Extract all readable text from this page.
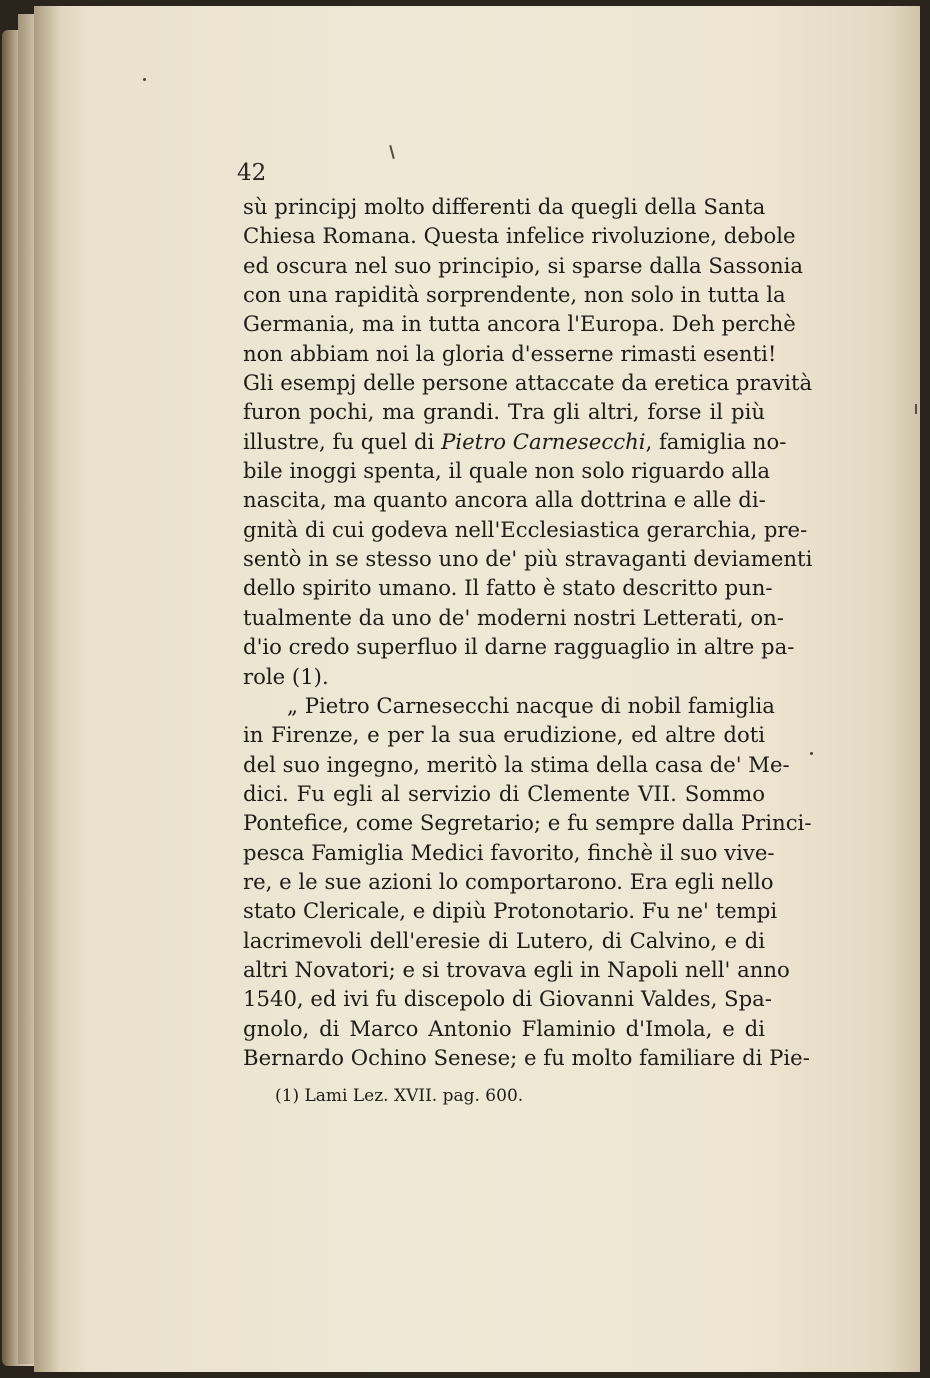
42
sù principj molto differenti da quegli della Santa
Chiesa Romana. Questa infelice rivoluzione, debole
ed oscura nel suo principio, si sparse dalla Sassonia
con una rapidità sorprendente, non solo in tutta la
Germania, ma in tutta ancora l'Europa. Deh perchè
non abbiam noi la gloria d'esserne rimasti esenti!
Gli esempj delle persone attaccate da eretica pravità
furon pochi, ma grandi. Tra gli altri, forse il più
illustre, fu quel di Pietro Carnesecchi, famiglia no-
bile inoggi spenta, il quale non solo riguardo alla
nascita, ma quanto ancora alla dottrina e alle di-
gnità di cui godeva nell'Ecclesiastica gerarchia, pre-
sentò in se stesso uno de' più stravaganti deviamenti
dello spirito umano. Il fatto è stato descritto pun-
tualmente da uno de' moderni nostri Letterati, on-
d'io credo superfluo il darne ragguaglio in altre pa-
role (1).
„ Pietro Carnesecchi nacque di nobil famiglia
in Firenze, e per la sua erudizione, ed altre doti
del suo ingegno, meritò la stima della casa de' Me-
dici. Fu egli al servizio di Clemente VII. Sommo
Pontefice, come Segretario; e fu sempre dalla Princi-
pesca Famiglia Medici favorito, finchè il suo vive-
re, e le sue azioni lo comportarono. Era egli nello
stato Clericale, e dipiù Protonotario. Fu ne' tempi
lacrimevoli dell'eresie di Lutero, di Calvino, e di
altri Novatori; e si trovava egli in Napoli nell' anno
1540, ed ivi fu discepolo di Giovanni Valdes, Spa-
gnolo, di Marco Antonio Flaminio d'Imola, e di
Bernardo Ochino Senese; e fu molto familiare di Pie-
(1) Lami Lez. XVII. pag. 600.
